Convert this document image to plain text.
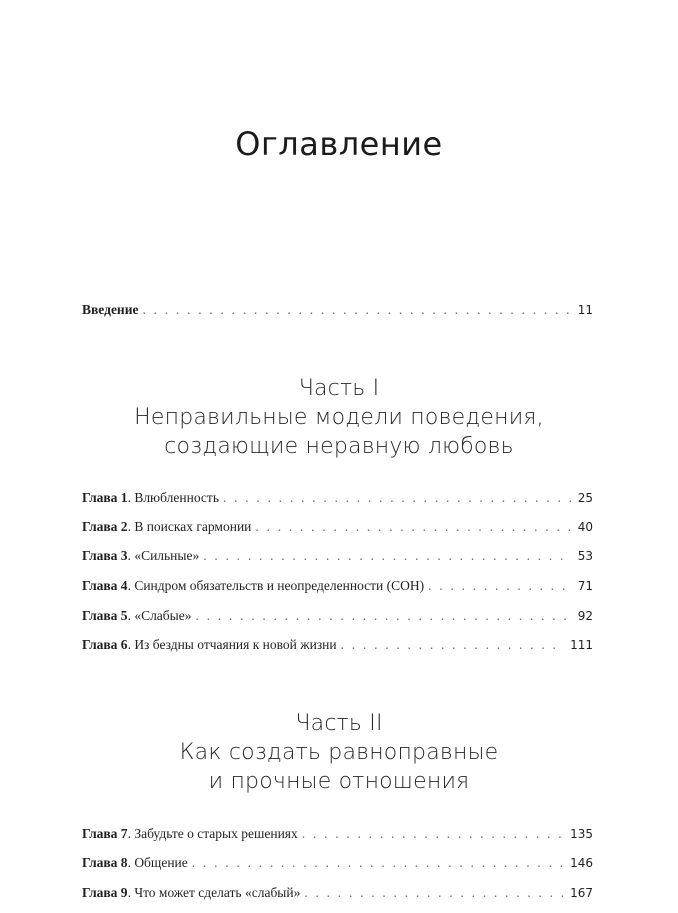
Оглавление
Введение . . .	11
Часть I
Неправильные модели поведения,
создающие неравную любовь
Глава 1. Влюбленность . . .	25
Глава 2. В поисках гармонии . . .	40
Глава 3. «Сильные» . . .	53
Глава 4. Синдром обязательств и неопределенности (СОН) . . .	71
Глава 5. «Слабые» . . .	92
Глава 6. Из бездны отчаяния к новой жизни . . .	111
Часть II
Как создать равноправные
и прочные отношения
Глава 7. Забудьте о старых решениях . . .	135
Глава 8. Общение . . .	146
Глава 9. Что может сделать «слабый» . . .	167
